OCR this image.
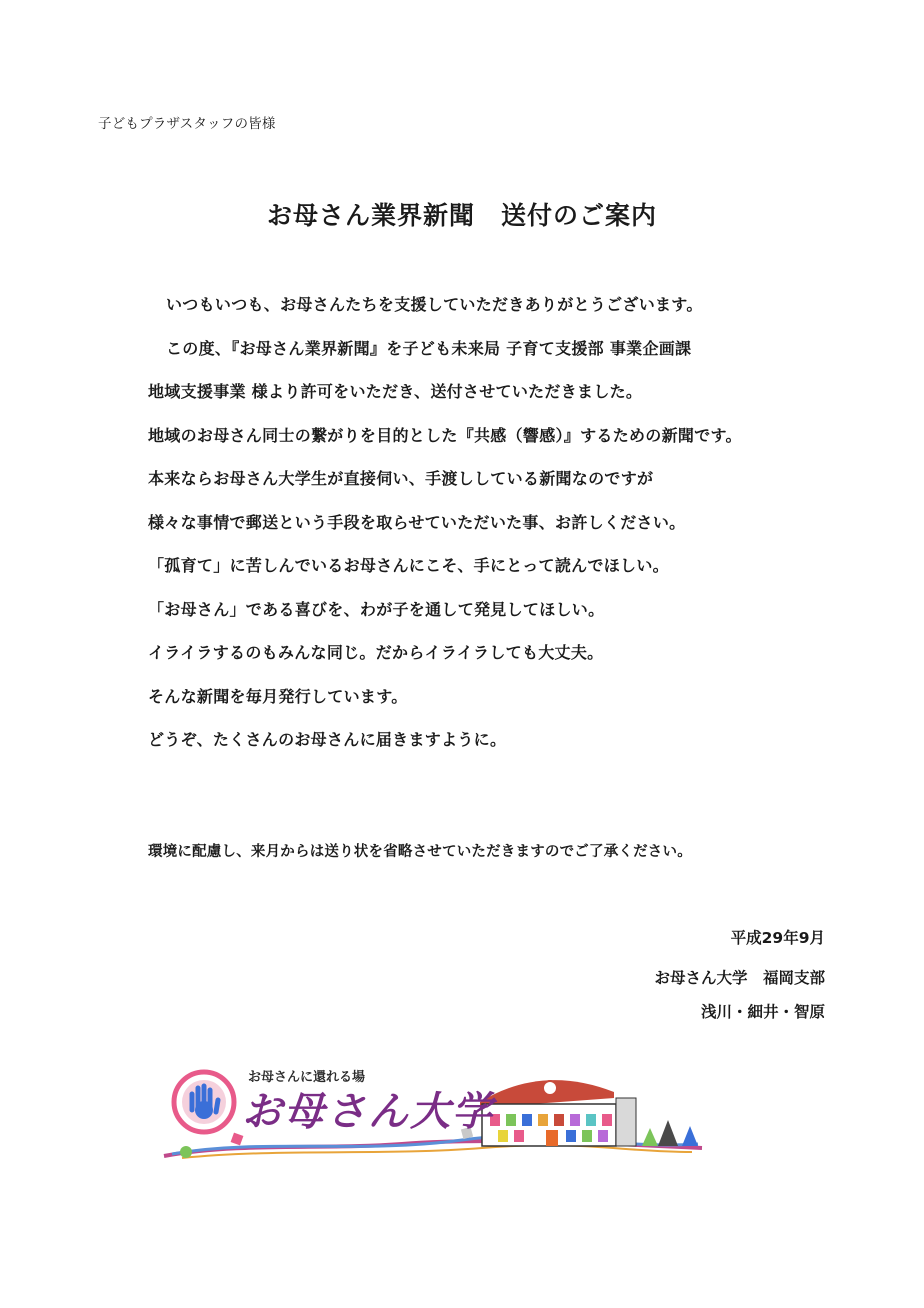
子どもプラザスタッフの皆様
お母さん業界新聞　送付のご案内
いつもいつも、お母さんたちを支援していただきありがとうございます。
この度、『お母さん業界新聞』を子ども未来局 子育て支援部 事業企画課
地域支援事業 様より許可をいただき、送付させていただきました。
地域のお母さん同士の繋がりを目的とした『共感（響感）』するための新聞です。
本来ならお母さん大学生が直接伺い、手渡ししている新聞なのですが
様々な事情で郵送という手段を取らせていただいた事、お許しください。
「孤育て」に苦しんでいるお母さんにこそ、手にとって読んでほしい。
「お母さん」である喜びを、わが子を通して発見してほしい。
イライラするのもみんな同じ。だからイライラしても大丈夫。
そんな新聞を毎月発行しています。
どうぞ、たくさんのお母さんに届きますように。
環境に配慮し、来月からは送り状を省略させていただきますのでご了承ください。
平成29年9月
お母さん大学　福岡支部
浅川・細井・智原
お母さんに還れる場
お母さん大学
